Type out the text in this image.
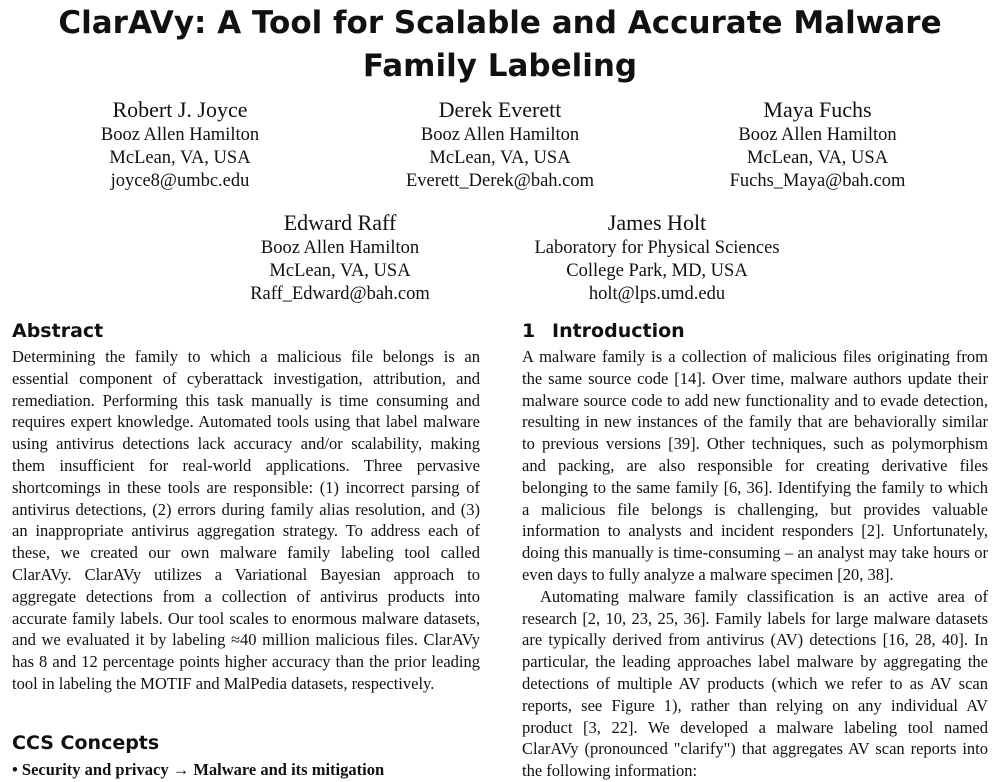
ClarAVy: A Tool for Scalable and Accurate Malware Family Labeling
Robert J. Joyce
Booz Allen Hamilton
McLean, VA, USA
joyce8@umbc.edu
Derek Everett
Booz Allen Hamilton
McLean, VA, USA
Everett_Derek@bah.com
Maya Fuchs
Booz Allen Hamilton
McLean, VA, USA
Fuchs_Maya@bah.com
Edward Raff
Booz Allen Hamilton
McLean, VA, USA
Raff_Edward@bah.com
James Holt
Laboratory for Physical Sciences
College Park, MD, USA
holt@lps.umd.edu
Abstract

Determining the family to which a malicious file belongs is an essential component of cyberattack investigation, attribution, and remediation. Performing this task manually is time consuming and requires expert knowledge. Automated tools using that label malware using antivirus detections lack accuracy and/or scalability, making them insufficient for real-world applications. Three pervasive shortcomings in these tools are responsible: (1) incorrect parsing of antivirus detections, (2) errors during family alias resolution, and (3) an inappropriate antivirus aggregation strategy. To address each of these, we created our own malware family labeling tool called ClarAVy. ClarAVy utilizes a Variational Bayesian approach to aggregate detections from a collection of antivirus products into accurate family labels. Our tool scales to enormous malware datasets, and we evaluated it by labeling ≈40 million malicious files. ClarAVy has 8 and 12 percentage points higher accuracy than the prior leading tool in labeling the MOTIF and MalPedia datasets, respectively.

CCS Concepts
• Security and privacy → Malware and its mitigation
1 Introduction

A malware family is a collection of malicious files originating from the same source code [14]. Over time, malware authors update their malware source code to add new functionality and to evade detection, resulting in new instances of the family that are behaviorally similar to previous versions [39]. Other techniques, such as polymorphism and packing, are also responsible for creating derivative files belonging to the same family [6, 36]. Identifying the family to which a malicious file belongs is challenging, but provides valuable information to analysts and incident responders [2]. Unfortunately, doing this manually is time-consuming – an analyst may take hours or even days to fully analyze a malware specimen [20, 38].

Automating malware family classification is an active area of research [2, 10, 23, 25, 36]. Family labels for large malware datasets are typically derived from antivirus (AV) detections [16, 28, 40]. In particular, the leading approaches label malware by aggregating the detections of multiple AV products (which we refer to as AV scan reports, see Figure 1), rather than relying on any individual AV product [3, 22]. We developed a malware labeling tool named ClarAVy (pronounced "clarify") that aggregates AV scan reports into the following information:
